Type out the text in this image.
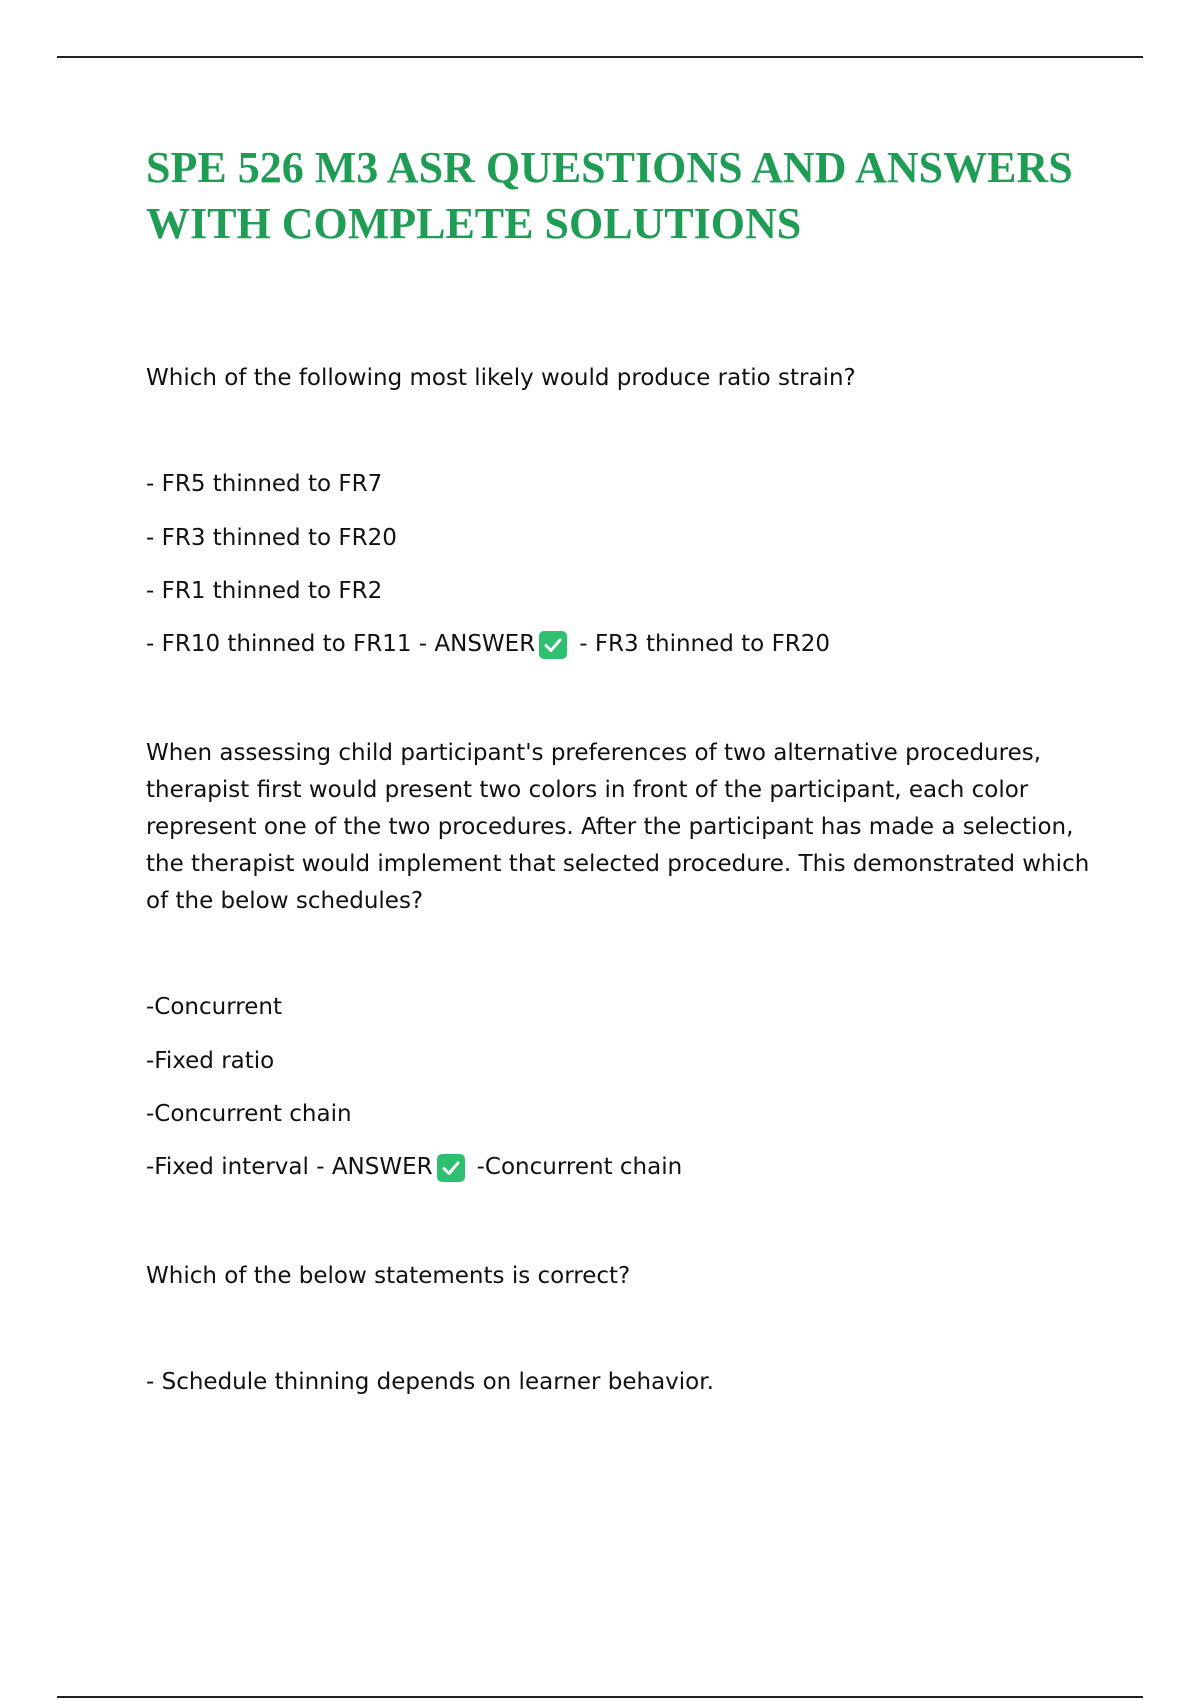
SPE 526 M3 ASR QUESTIONS AND ANSWERS
WITH COMPLETE SOLUTIONS

Which of the following most likely would produce ratio strain?

- FR5 thinned to FR7

- FR3 thinned to FR20

- FR1 thinned to FR2

- FR10 thinned to FR11 - ANSWER - FR3 thinned to FR20

When assessing child participant's preferences of two alternative procedures, therapist first would present two colors in front of the participant, each color represent one of the two procedures. After the participant has made a selection, the therapist would implement that selected procedure. This demonstrated which of the below schedules?

-Concurrent

-Fixed ratio

-Concurrent chain

-Fixed interval - ANSWER -Concurrent chain

Which of the below statements is correct?

- Schedule thinning depends on learner behavior.
